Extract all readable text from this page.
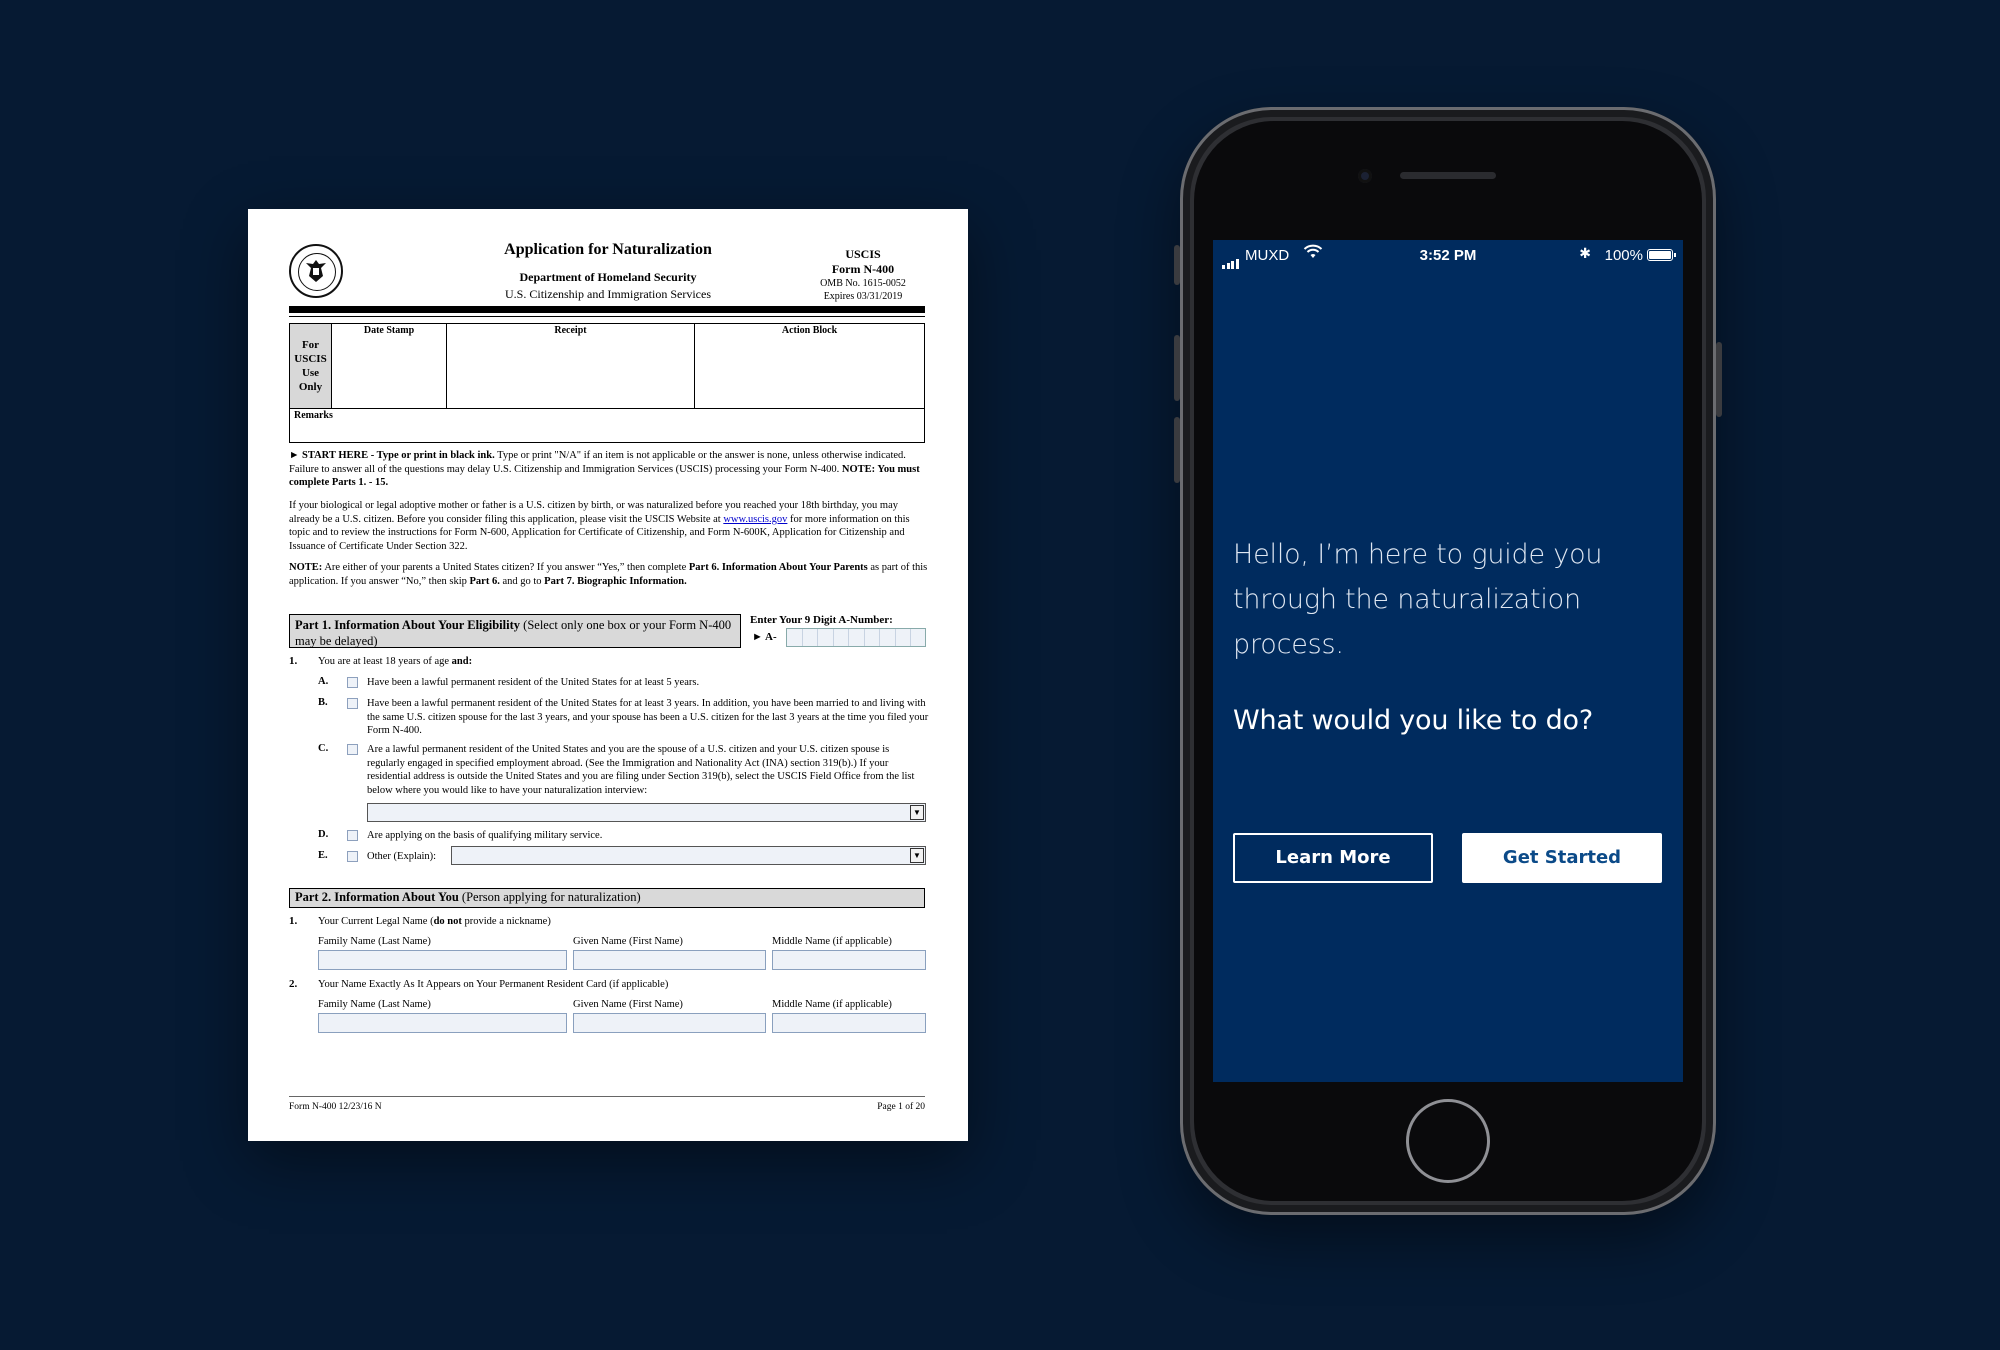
Application for Naturalization
Department of Homeland Security
U.S. Citizenship and Immigration Services
USCIS
Form N-400
OMB No. 1615-0052
Expires 03/31/2019
For
USCIS
Use
Only
Date Stamp	Receipt	Action Block
Remarks
► START HERE - Type or print in black ink. Type or print "N/A" if an item is not applicable or the answer is none, unless otherwise indicated. Failure to answer all of the questions may delay U.S. Citizenship and Immigration Services (USCIS) processing your Form N-400. NOTE: You must complete Parts 1. - 15.
If your biological or legal adoptive mother or father is a U.S. citizen by birth, or was naturalized before you reached your 18th birthday, you may already be a U.S. citizen. Before you consider filing this application, please visit the USCIS Website at www.uscis.gov for more information on this topic and to review the instructions for Form N-600, Application for Certificate of Citizenship, and Form N-600K, Application for Citizenship and Issuance of Certificate Under Section 322.
NOTE: Are either of your parents a United States citizen? If you answer “Yes,” then complete Part 6. Information About Your Parents as part of this application. If you answer “No,” then skip Part 6. and go to Part 7. Biographic Information.
Part 1. Information About Your Eligibility (Select only one box or your Form N-400 may be delayed)
Enter Your 9 Digit A-Number:
► A-
1. You are at least 18 years of age and:
A.	Have been a lawful permanent resident of the United States for at least 5 years.
B.	Have been a lawful permanent resident of the United States for at least 3 years. In addition, you have been married to and living with the same U.S. citizen spouse for the last 3 years, and your spouse has been a U.S. citizen for the last 3 years at the time you filed your Form N-400.
C.	Are a lawful permanent resident of the United States and you are the spouse of a U.S. citizen and your U.S. citizen spouse is regularly engaged in specified employment abroad. (See the Immigration and Nationality Act (INA) section 319(b).) If your residential address is outside the United States and you are filing under Section 319(b), select the USCIS Field Office from the list below where you would like to have your naturalization interview:
▼
D.	Are applying on the basis of qualifying military service.
E.	Other (Explain):	▼
Part 2. Information About You (Person applying for naturalization)
1. Your Current Legal Name (do not provide a nickname)
Family Name (Last Name)	Given Name (First Name)	Middle Name (if applicable)
2. Your Name Exactly As It Appears on Your Permanent Resident Card (if applicable)
Family Name (Last Name)	Given Name (First Name)	Middle Name (if applicable)
Form N-400 12/23/16 N	Page 1 of 20
MUXD	3:52 PM	✱ 100%
Hello, I’m here to guide you through the naturalization process.
What would you like to do?
Learn More	Get Started
